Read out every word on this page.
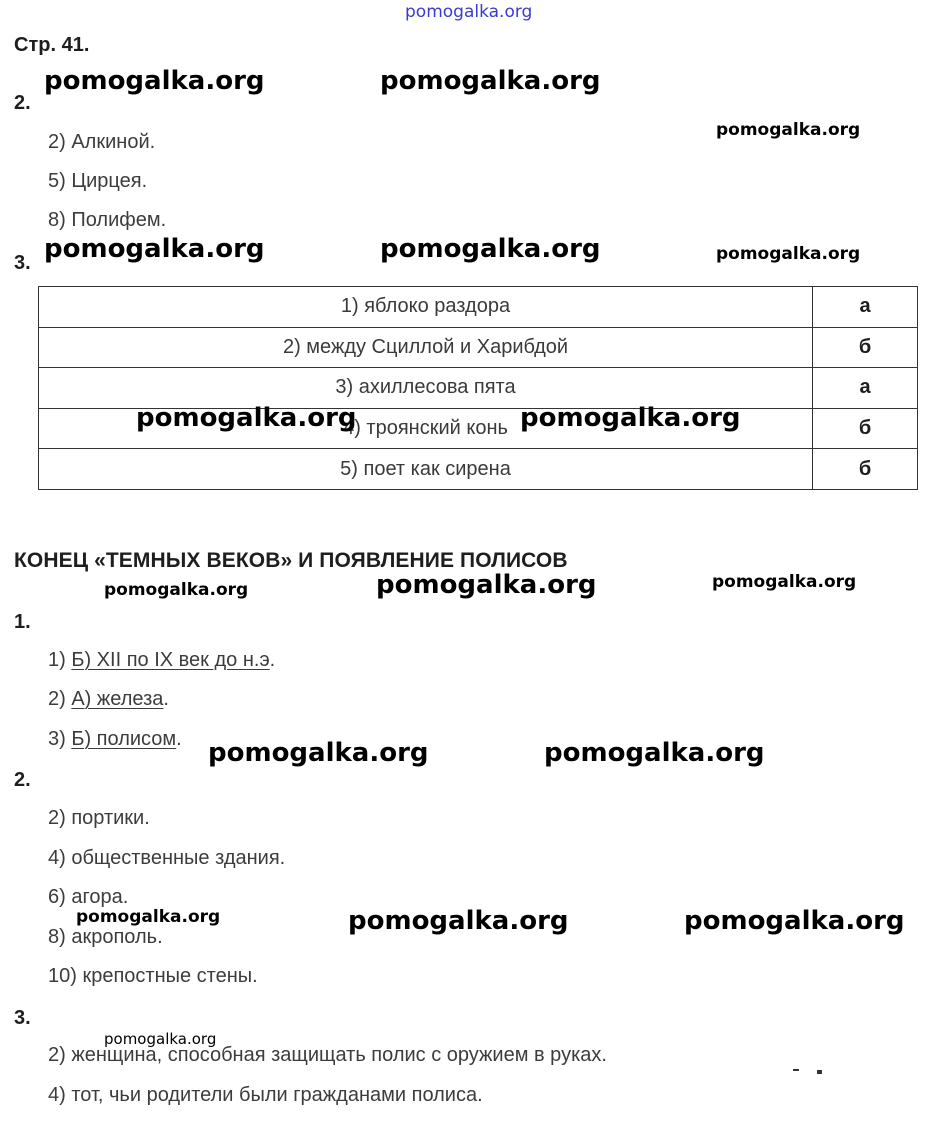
pomogalka.org
Стр. 41.
2.
2) Алкиной.
5) Цирцея.
8) Полифем.
3.
1) яблоко раздора	а
2) между Сциллой и Харибдой	б
3) ахиллесова пята	а
4) троянский конь	б
5) поет как сирена	б
КОНЕЦ «ТЕМНЫХ ВЕКОВ» И ПОЯВЛЕНИЕ ПОЛИСОВ
1.
1) Б) XII по IX век до н.э.
2) А) железа.
3) Б) полисом.
2.
2) портики.
4) общественные здания.
6) агора.
8) акрополь.
10) крепостные стены.
3.
2) женщина, способная защищать полис с оружием в руках.
4) тот, чьи родители были гражданами полиса.
pomogalka.org	pomogalka.org
pomogalka.org
pomogalka.org	pomogalka.org	pomogalka.org
pomogalka.org	pomogalka.org
pomogalka.org	pomogalka.org	pomogalka.org
pomogalka.org	pomogalka.org
pomogalka.org	pomogalka.org	pomogalka.org
pomogalka.org
